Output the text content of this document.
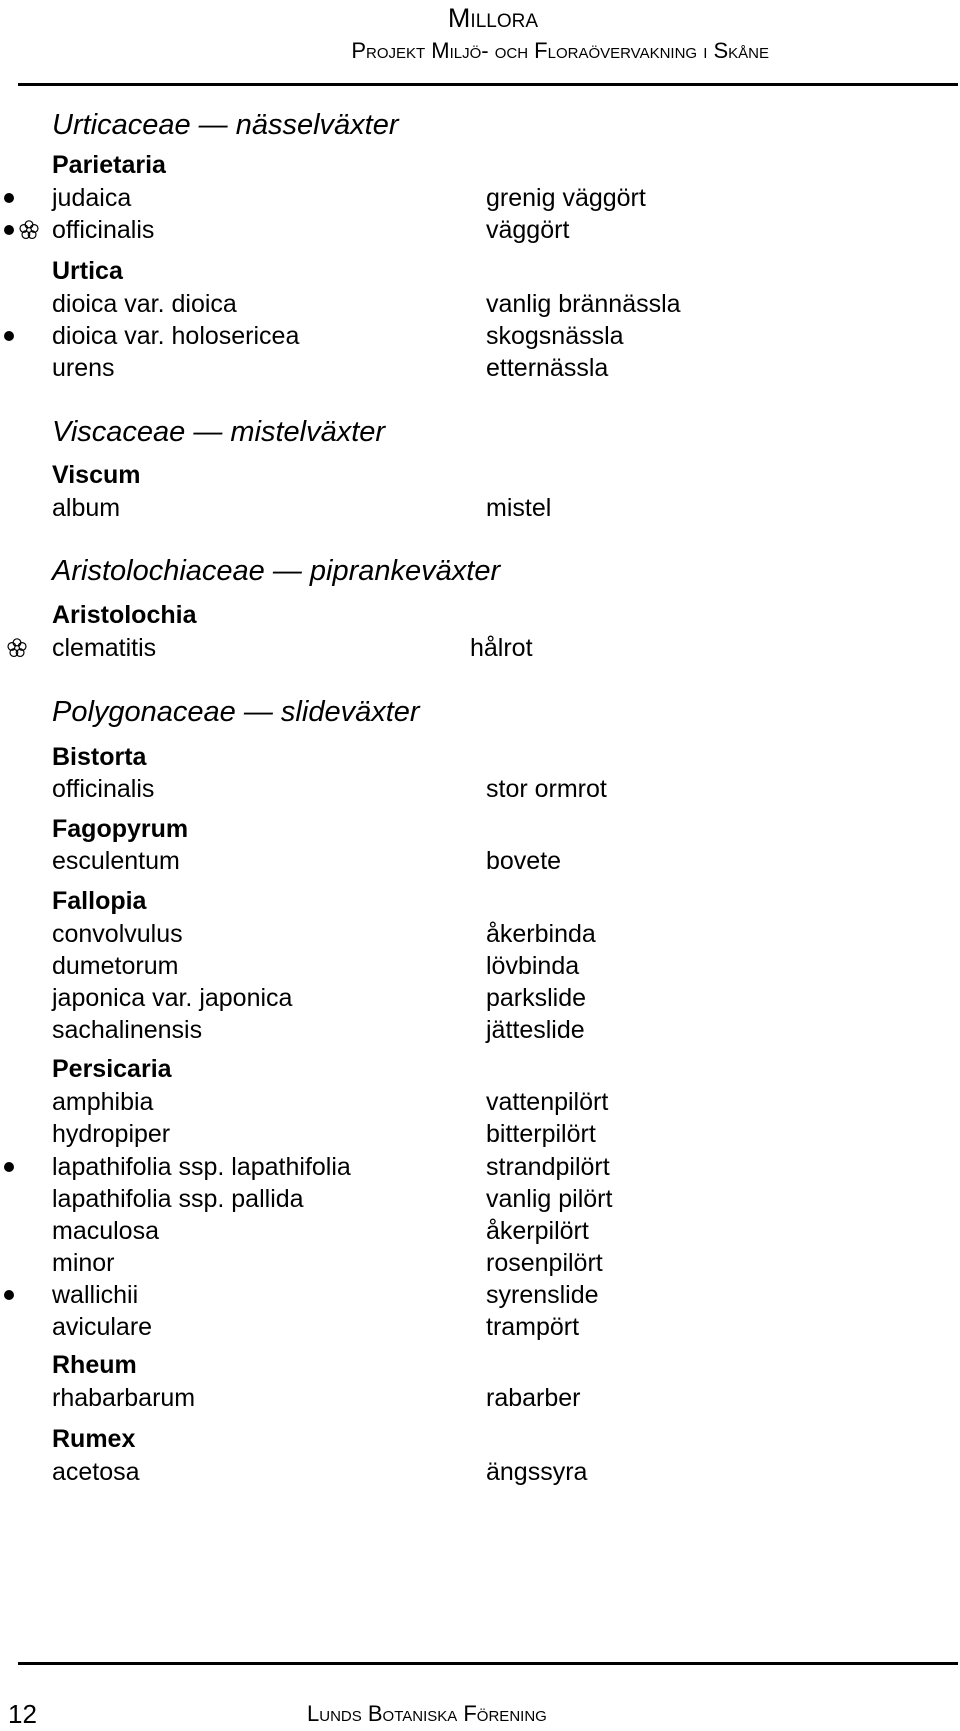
Millora
Projekt Miljö- och Floraövervakning i Skåne
Urticaceae — nässelväxter
Parietaria
judaica	grenig väggört
officinalis	väggört
Urtica
dioica var. dioica	vanlig brännässla
dioica var. holosericea	skogsnässla
urens	etternässla
Viscaceae — mistelväxter
Viscum
album	mistel
Aristolochiaceae — piprankeväxter
Aristolochia
clematitis	hålrot
Polygonaceae — slideväxter
Bistorta
officinalis	stor ormrot
Fagopyrum
esculentum	bovete
Fallopia
convolvulus	åkerbinda
dumetorum	lövbinda
japonica var. japonica	parkslide
sachalinensis	jätteslide
Persicaria
amphibia	vattenpilört
hydropiper	bitterpilört
lapathifolia ssp. lapathifolia	strandpilört
lapathifolia ssp. pallida	vanlig pilört
maculosa	åkerpilört
minor	rosenpilört
wallichii	syrenslide
aviculare	trampört
Rheum
rhabarbarum	rabarber
Rumex
acetosa	ängssyra
12	Lunds Botaniska Förening
